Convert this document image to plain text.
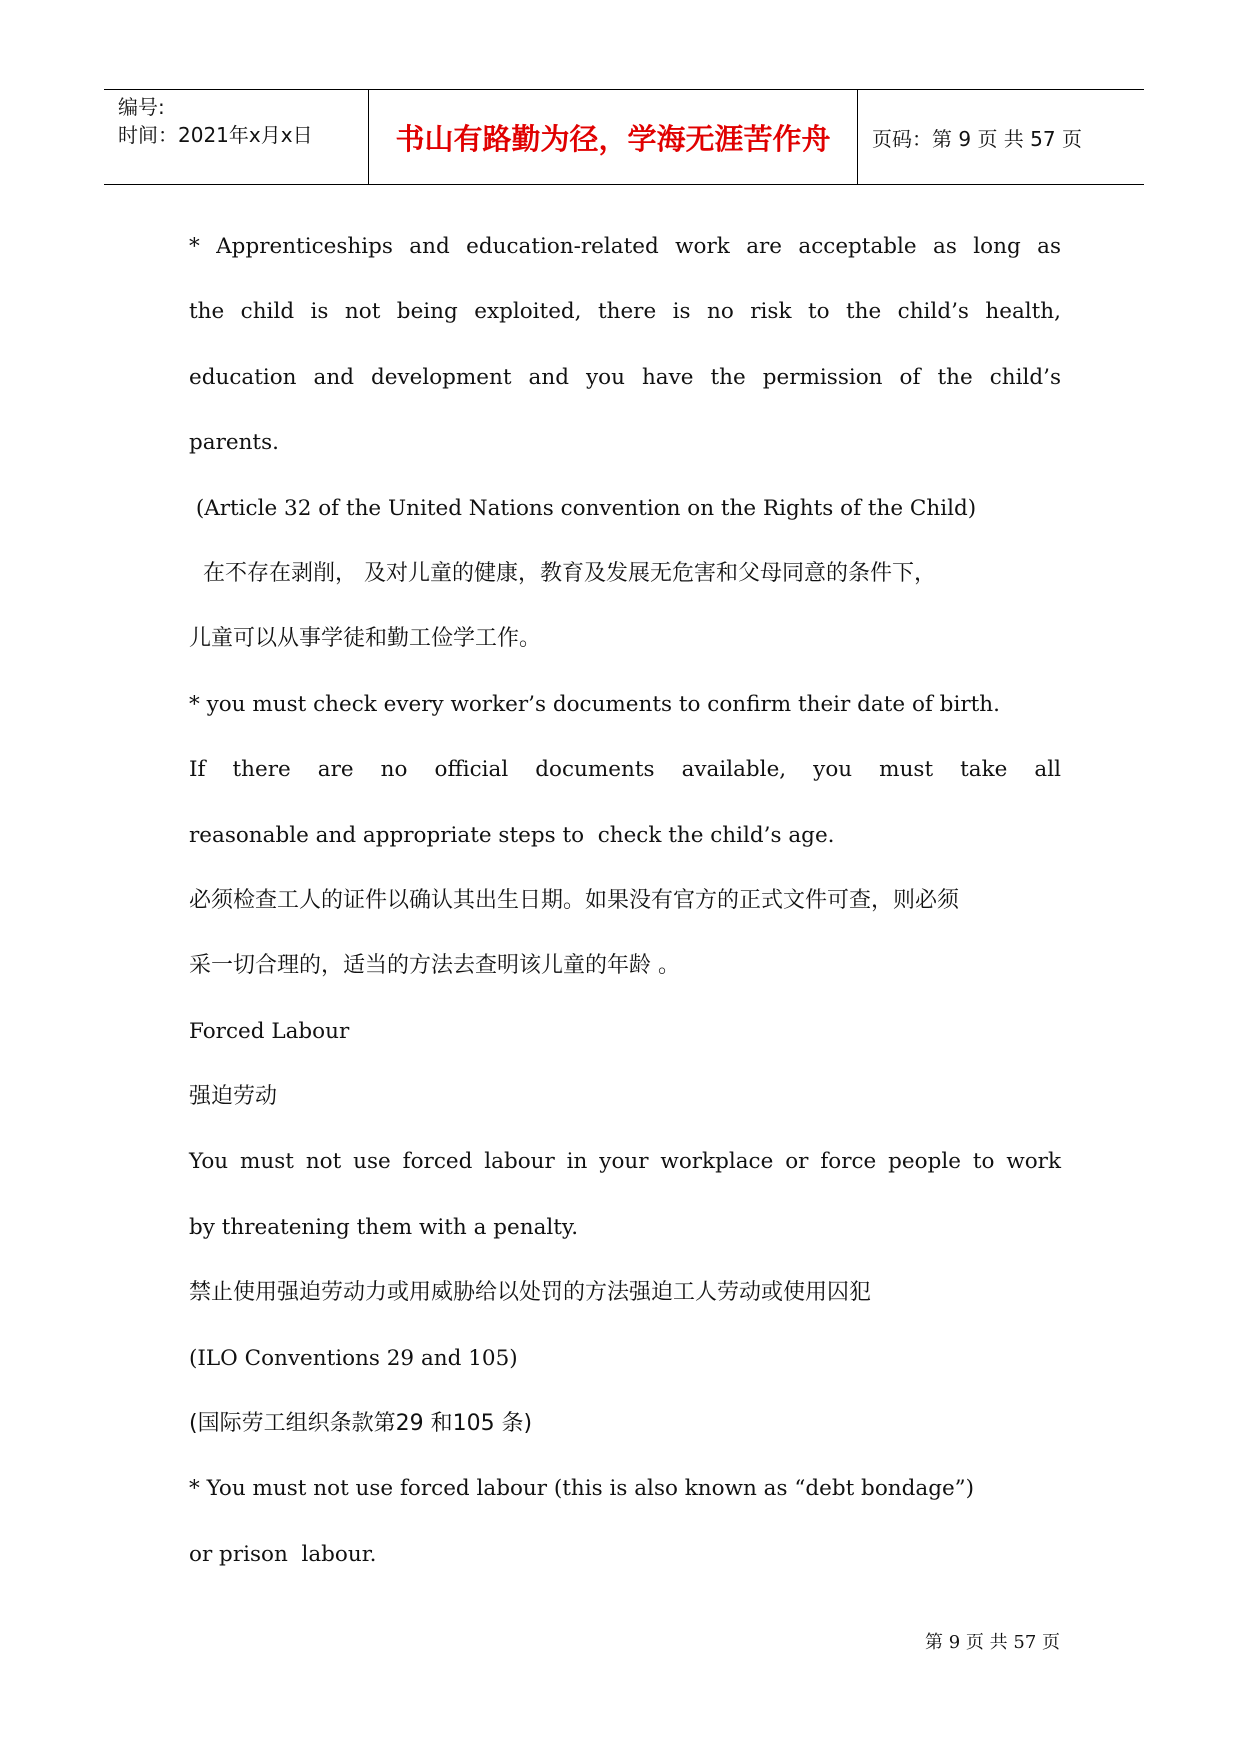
编号:
时间：2021年x月x日	书山有路勤为径，学海无涯苦作舟 页码：第 9 页 共 57 页
* Apprenticeships and education-related work are acceptable as long as
the child is not being exploited, there is no risk to the child’s health,
education and development and you have the permission of the child’s
parents.
(Article 32 of the United Nations convention on the Rights of the Child)
在不存在剥削， 及对儿童的健康，教育及发展无危害和父母同意的条件下，
儿童可以从事学徒和勤工俭学工作。
* you must check every worker’s documents to confirm their date of birth.
If there are no official documents available, you must take all
reasonable and appropriate steps to  check the child’s age.
必须检查工人的证件以确认其出生日期。如果没有官方的正式文件可查，则必须
采一切合理的，适当的方法去查明该儿童的年龄 。
Forced Labour
强迫劳动
You must not use forced labour in your workplace or force people to work
by threatening them with a penalty.
禁止使用强迫劳动力或用威胁给以处罚的方法强迫工人劳动或使用囚犯
(ILO Conventions 29 and 105)
(国际劳工组织条款第29 和105 条)
* You must not use forced labour (this is also known as “debt bondage”)
or prison  labour.
第 9 页 共 57 页
